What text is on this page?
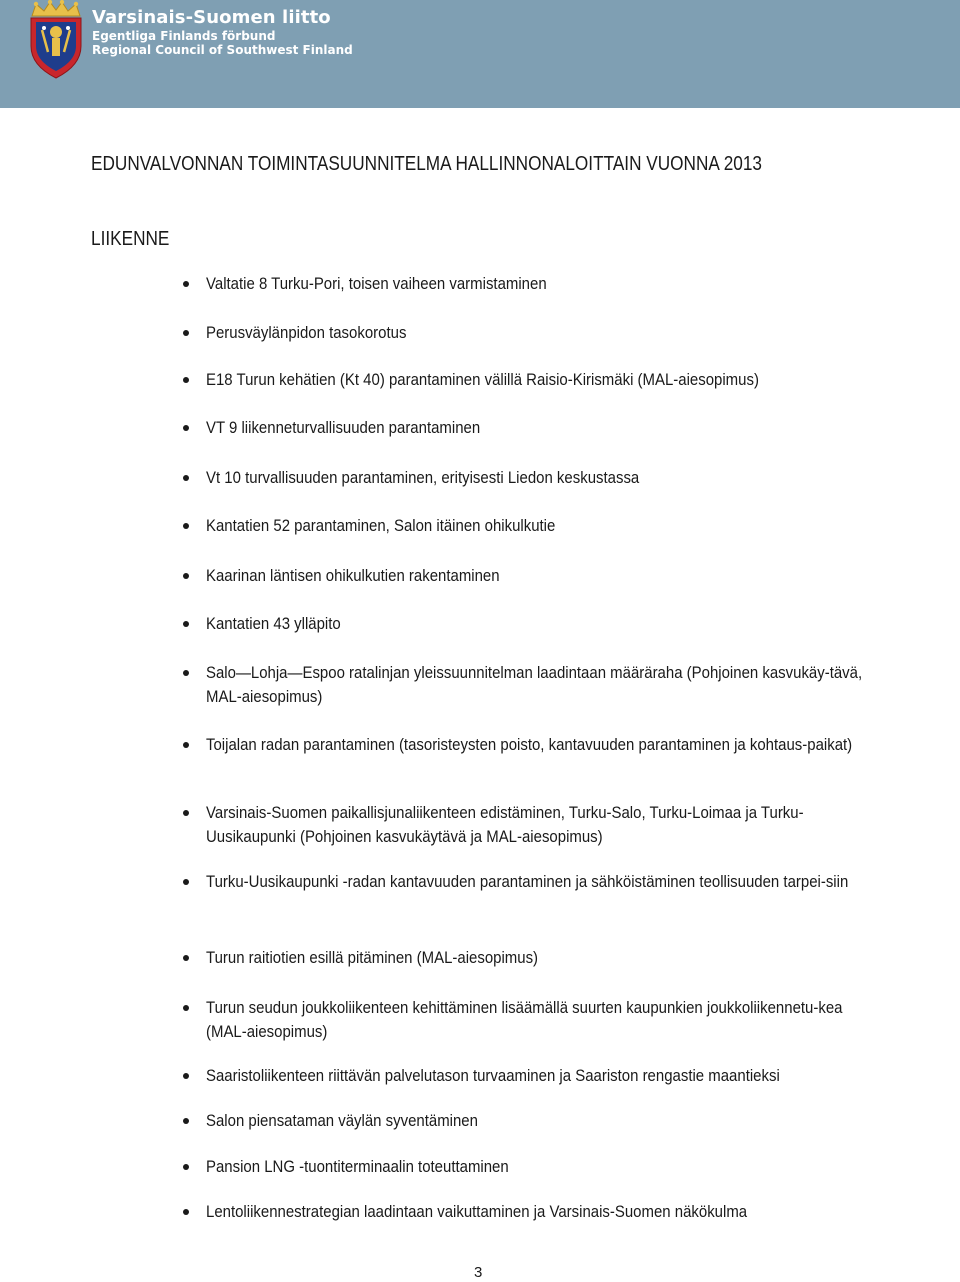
Varsinais-Suomen liitto
Egentliga Finlands förbund
Regional Council of Southwest Finland
EDUNVALVONNAN TOIMINTASUUNNITELMA HALLINNONALOITTAIN VUONNA 2013
LIIKENNE
Valtatie 8 Turku-Pori, toisen vaiheen varmistaminen
Perusväylänpidon tasokorotus
E18 Turun kehätien (Kt 40) parantaminen välillä Raisio-Kirismäki (MAL-aiesopimus)
VT 9 liikenneturvallisuuden parantaminen
Vt 10 turvallisuuden parantaminen, erityisesti Liedon keskustassa
Kantatien 52 parantaminen, Salon itäinen ohikulkutie
Kaarinan läntisen ohikulkutien rakentaminen
Kantatien 43 ylläpito
Salo—Lohja—Espoo ratalinjan yleissuunnitelman laadintaan määräraha (Pohjoinen kasvukäy-tävä, MAL-aiesopimus)
Toijalan radan parantaminen (tasoristeysten poisto, kantavuuden parantaminen ja kohtaus-paikat)
Varsinais-Suomen paikallisjunaliikenteen edistäminen, Turku-Salo, Turku-Loimaa ja Turku-Uusikaupunki (Pohjoinen kasvukäytävä ja MAL-aiesopimus)
Turku-Uusikaupunki -radan kantavuuden parantaminen ja sähköistäminen teollisuuden tarpei-siin
Turun raitiotien esillä pitäminen (MAL-aiesopimus)
Turun seudun joukkoliikenteen kehittäminen lisäämällä suurten kaupunkien joukkoliikennetu-kea (MAL-aiesopimus)
Saaristoliikenteen riittävän palvelutason turvaaminen ja Saariston rengastie maantieksi
Salon piensataman väylän syventäminen
Pansion LNG -tuontiterminaalin toteuttaminen
Lentoliikennestrategian laadintaan vaikuttaminen ja Varsinais-Suomen näkökulma
3
